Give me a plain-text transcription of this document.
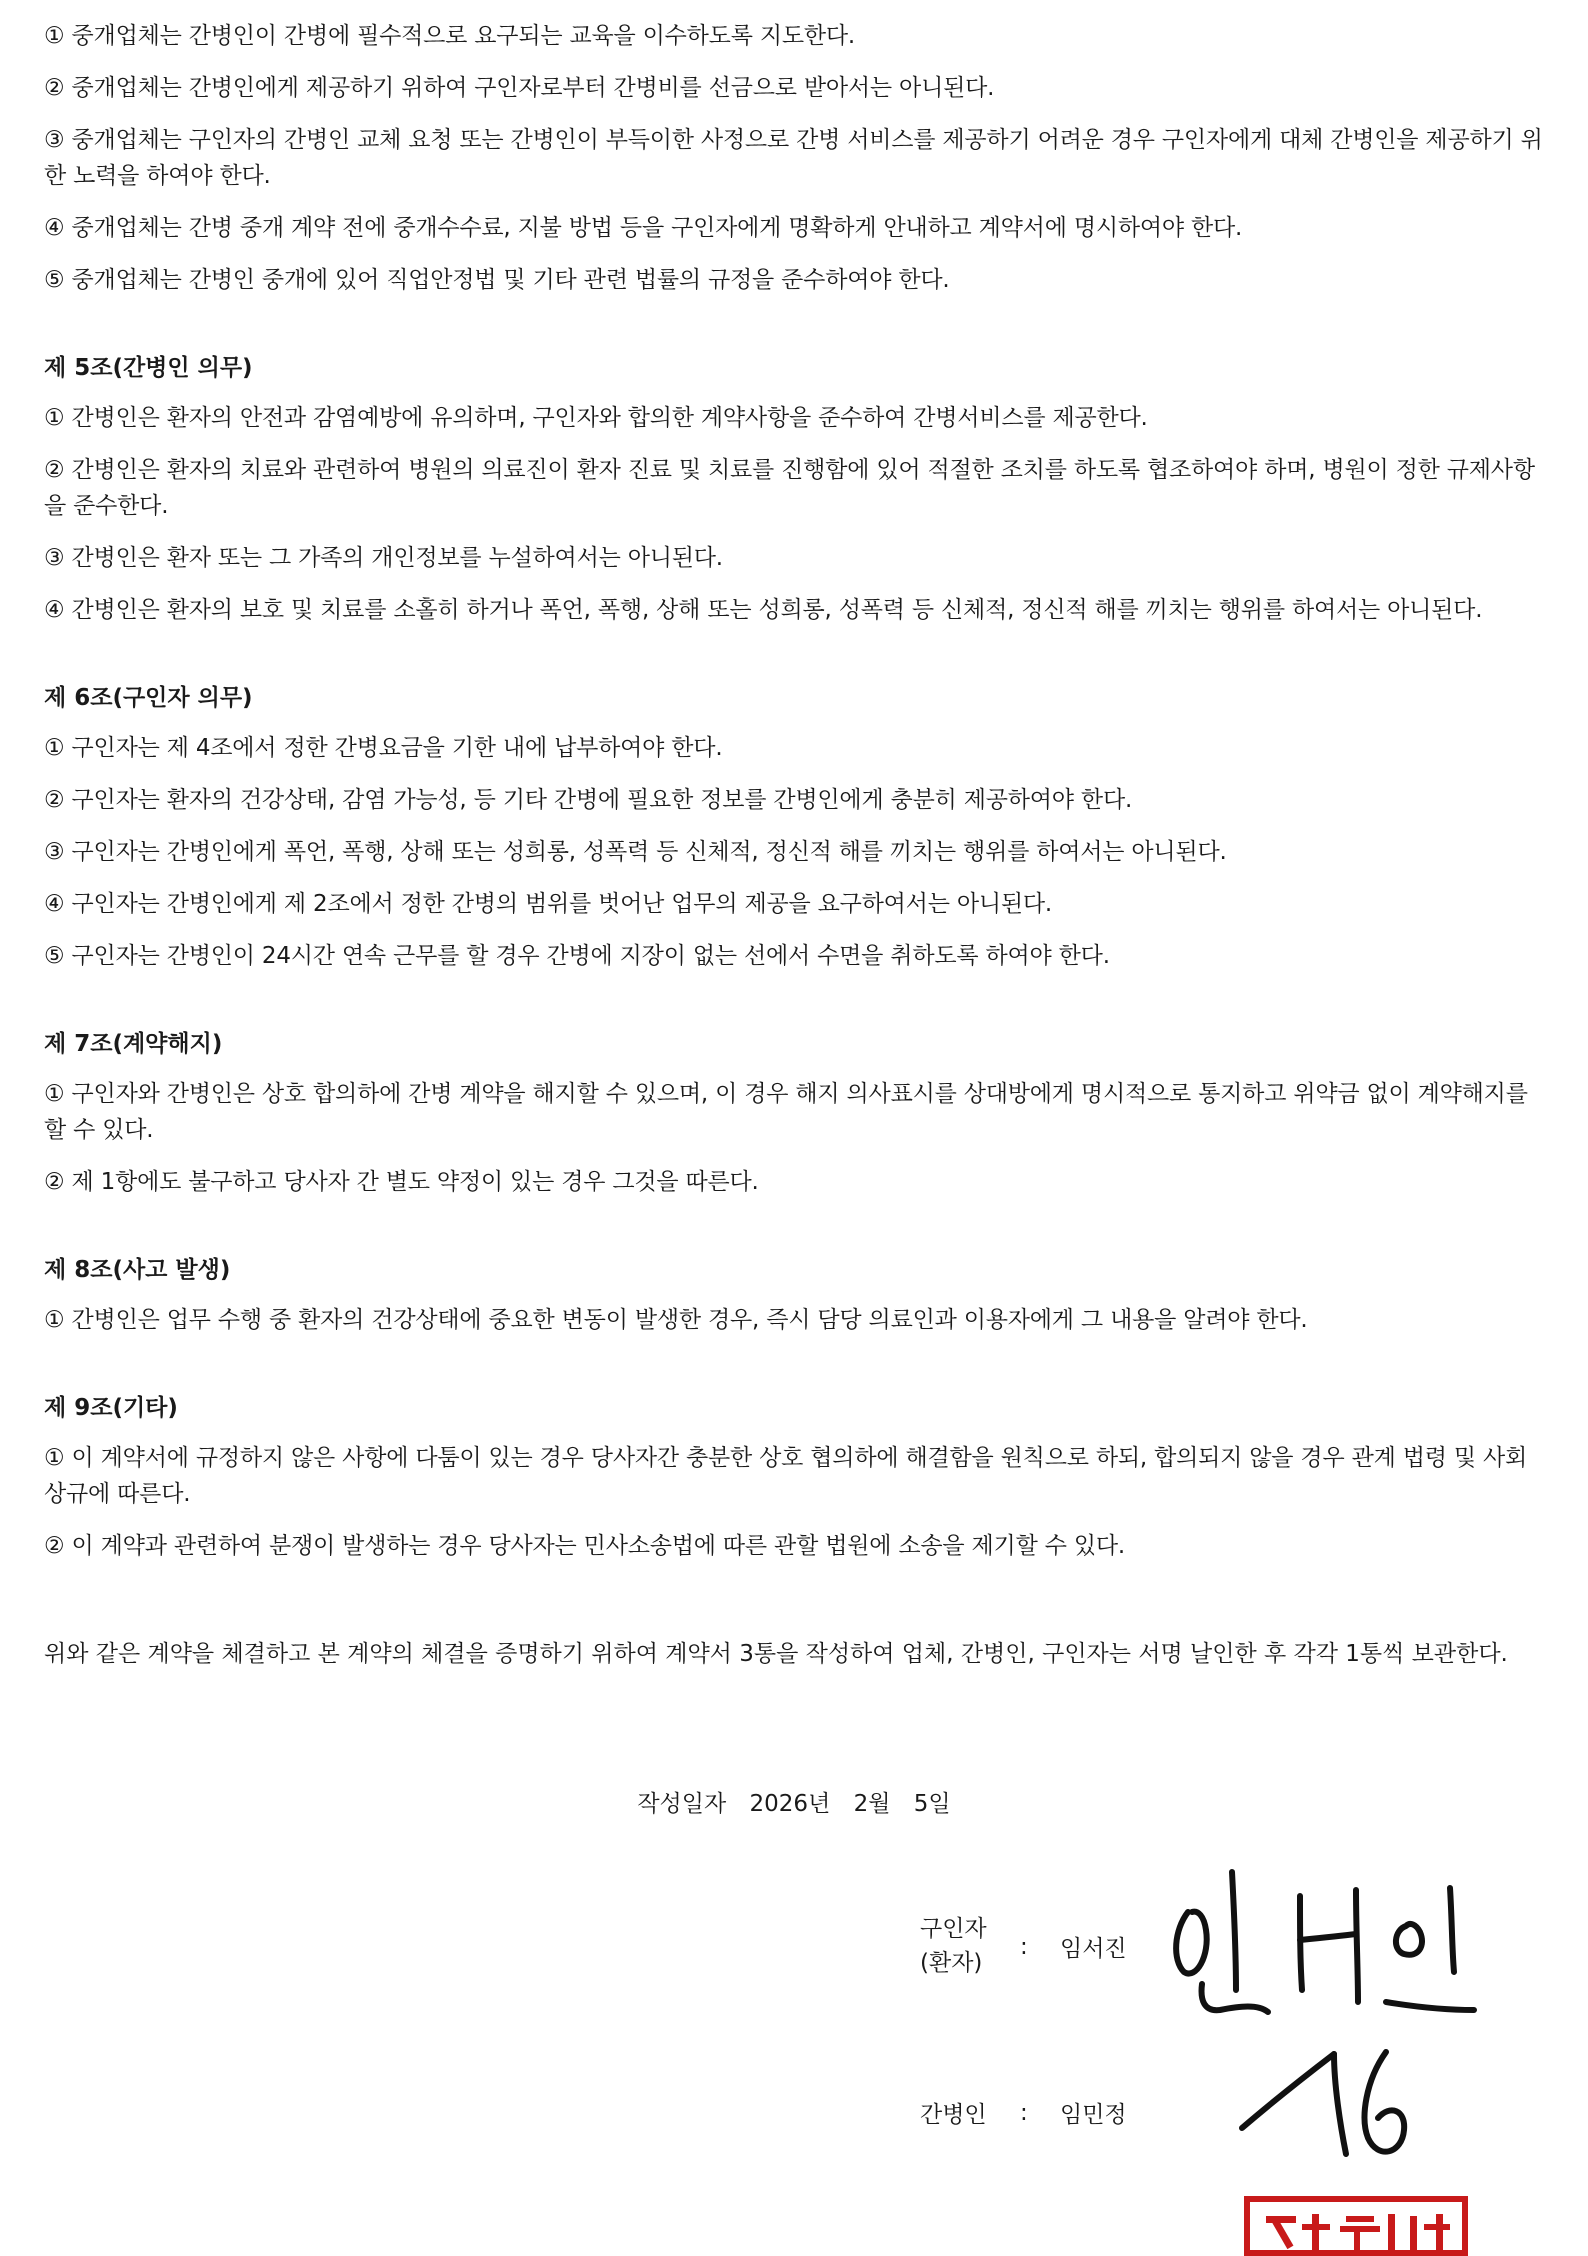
① 중개업체는 간병인이 간병에 필수적으로 요구되는 교육을 이수하도록 지도한다.

② 중개업체는 간병인에게 제공하기 위하여 구인자로부터 간병비를 선금으로 받아서는 아니된다.

③ 중개업체는 구인자의 간병인 교체 요청 또는 간병인이 부득이한 사정으로 간병 서비스를 제공하기 어려운 경우 구인자에게 대체 간병인을 제공하기 위한 노력을 하여야 한다.

④ 중개업체는 간병 중개 계약 전에 중개수수료, 지불 방법 등을 구인자에게 명확하게 안내하고 계약서에 명시하여야 한다.

⑤ 중개업체는 간병인 중개에 있어 직업안정법 및 기타 관련 법률의 규정을 준수하여야 한다.

제 5조(간병인 의무)

① 간병인은 환자의 안전과 감염예방에 유의하며, 구인자와 합의한 계약사항을 준수하여 간병서비스를 제공한다.

② 간병인은 환자의 치료와 관련하여 병원의 의료진이 환자 진료 및 치료를 진행함에 있어 적절한 조치를 하도록 협조하여야 하며, 병원이 정한 규제사항을 준수한다.

③ 간병인은 환자 또는 그 가족의 개인정보를 누설하여서는 아니된다.

④ 간병인은 환자의 보호 및 치료를 소홀히 하거나 폭언, 폭행, 상해 또는 성희롱, 성폭력 등 신체적, 정신적 해를 끼치는 행위를 하여서는 아니된다.

제 6조(구인자 의무)

① 구인자는 제 4조에서 정한 간병요금을 기한 내에 납부하여야 한다.

② 구인자는 환자의 건강상태, 감염 가능성, 등 기타 간병에 필요한 정보를 간병인에게 충분히 제공하여야 한다.

③ 구인자는 간병인에게 폭언, 폭행, 상해 또는 성희롱, 성폭력 등 신체적, 정신적 해를 끼치는 행위를 하여서는 아니된다.

④ 구인자는 간병인에게 제 2조에서 정한 간병의 범위를 벗어난 업무의 제공을 요구하여서는 아니된다.

⑤ 구인자는 간병인이 24시간 연속 근무를 할 경우 간병에 지장이 없는 선에서 수면을 취하도록 하여야 한다.

제 7조(계약해지)

① 구인자와 간병인은 상호 합의하에 간병 계약을 해지할 수 있으며, 이 경우 해지 의사표시를 상대방에게 명시적으로 통지하고 위약금 없이 계약해지를 할 수 있다.

② 제 1항에도 불구하고 당사자 간 별도 약정이 있는 경우 그것을 따른다.

제 8조(사고 발생)

① 간병인은 업무 수행 중 환자의 건강상태에 중요한 변동이 발생한 경우, 즉시 담당 의료인과 이용자에게 그 내용을 알려야 한다.

제 9조(기타)

① 이 계약서에 규정하지 않은 사항에 다툼이 있는 경우 당사자간 충분한 상호 협의하에 해결함을 원칙으로 하되, 합의되지 않을 경우 관계 법령 및 사회상규에 따른다.

② 이 계약과 관련하여 분쟁이 발생하는 경우 당사자는 민사소송법에 따른 관할 법원에 소송을 제기할 수 있다.

위와 같은 계약을 체결하고 본 계약의 체결을 증명하기 위하여 계약서 3통을 작성하여 업체, 간병인, 구인자는 서명 날인한 후 각각 1통씩 보관한다.

작성일자 2026년 2월 5일
구인자
(환자)
: 임서진
간병인 : 임민정
